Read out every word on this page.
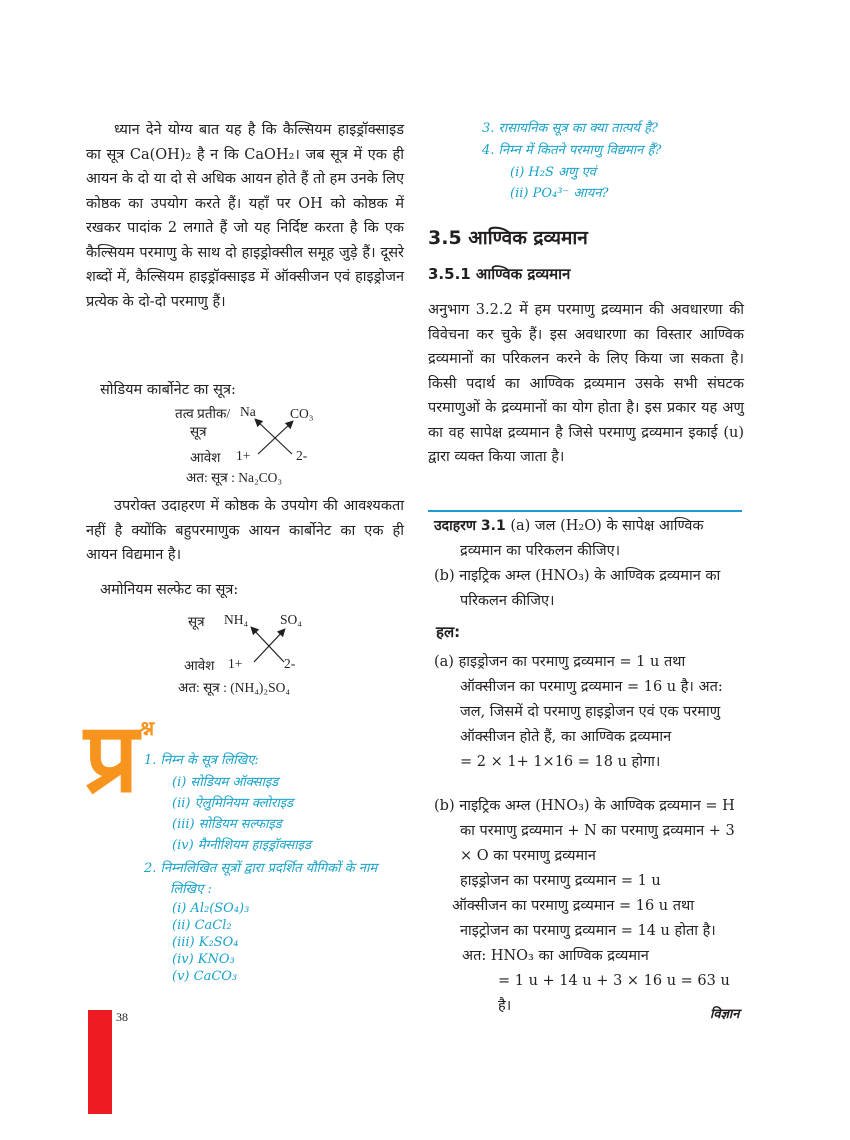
ध्यान देने योग्य बात यह है कि कैल्सियम हाइड्रॉक्साइड का सूत्र Ca(OH)₂ है न कि CaOH₂। जब सूत्र में एक ही आयन के दो या दो से अधिक आयन होते हैं तो हम उनके लिए कोष्ठक का उपयोग करते हैं। यहाँ पर OH को कोष्ठक में रखकर पादांक 2 लगाते हैं जो यह निर्दिष्ट करता है कि एक कैल्सियम परमाणु के साथ दो हाइड्रोक्सील समूह जुड़े हैं। दूसरे शब्दों में, कैल्सियम हाइड्रॉक्साइड में ऑक्सीजन एवं हाइड्रोजन प्रत्येक के दो-दो परमाणु हैं।

सोडियम कार्बोनेट का सूत्र:
तत्व प्रतीक/
सूत्र
Na	CO₃
आवेश 1+	2-
अत: सूत्र : Na₂CO₃

उपरोक्त उदाहरण में कोष्ठक के उपयोग की आवश्यकता नहीं है क्योंकि बहुपरमाणुक आयन कार्बोनेट का एक ही आयन विद्यमान है।

अमोनियम सल्फेट का सूत्र:
सूत्र NH₄ SO₄
आवेश 1+	2-
अत: सूत्र : (NH₄)₂SO₄
प्र श्न
1. निम्न के सूत्र लिखिए:
(i) सोडियम ऑक्साइड
(ii) ऐलुमिनियम क्लोराइड
(iii) सोडियम सल्फाइड
(iv) मैग्नीशियम हाइड्रॉक्साइड
2. निम्नलिखित सूत्रों द्वारा प्रदर्शित यौगिकों के नाम लिखिए :
(i) Al₂(SO₄)₃
(ii) CaCl₂
(iii) K₂SO₄
(iv) KNO₃
(v) CaCO₃
3. रासायनिक सूत्र का क्या तात्पर्य है?
4. निम्न में कितने परमाणु विद्यमान हैं?
(i) H₂S अणु एवं
(ii) PO₄³⁻ आयन?
3.5 आण्विक द्रव्यमान
3.5.1 आण्विक द्रव्यमान

अनुभाग 3.2.2 में हम परमाणु द्रव्यमान की अवधारणा की विवेचना कर चुके हैं। इस अवधारणा का विस्तार आण्विक द्रव्यमानों का परिकलन करने के लिए किया जा सकता है। किसी पदार्थ का आण्विक द्रव्यमान उसके सभी संघटक परमाणुओं के द्रव्यमानों का योग होता है। इस प्रकार यह अणु का वह सापेक्ष द्रव्यमान है जिसे परमाणु द्रव्यमान इकाई (u) द्वारा व्यक्त किया जाता है।

उदाहरण 3.1 (a) जल (H₂O) के सापेक्ष आण्विक द्रव्यमान का परिकलन कीजिए।
(b) नाइट्रिक अम्ल (HNO₃) के आण्विक द्रव्यमान का परिकलन कीजिए।
हल:
(a) हाइड्रोजन का परमाणु द्रव्यमान = 1 u तथा ऑक्सीजन का परमाणु द्रव्यमान = 16 u है। अत: जल, जिसमें दो परमाणु हाइड्रोजन एवं एक परमाणु ऑक्सीजन होते हैं, का आण्विक द्रव्यमान
= 2 × 1+ 1×16 = 18 u होगा।
(b) नाइट्रिक अम्ल (HNO₃) के आण्विक द्रव्यमान = H का परमाणु द्रव्यमान + N का परमाणु द्रव्यमान + 3 × O का परमाणु द्रव्यमान
हाइड्रोजन का परमाणु द्रव्यमान = 1 u
ऑक्सीजन का परमाणु द्रव्यमान = 16 u तथा
नाइट्रोजन का परमाणु द्रव्यमान = 14 u होता है।
अत: HNO₃ का आण्विक द्रव्यमान
= 1 u + 14 u + 3 × 16 u = 63 u है।
38	विज्ञान
